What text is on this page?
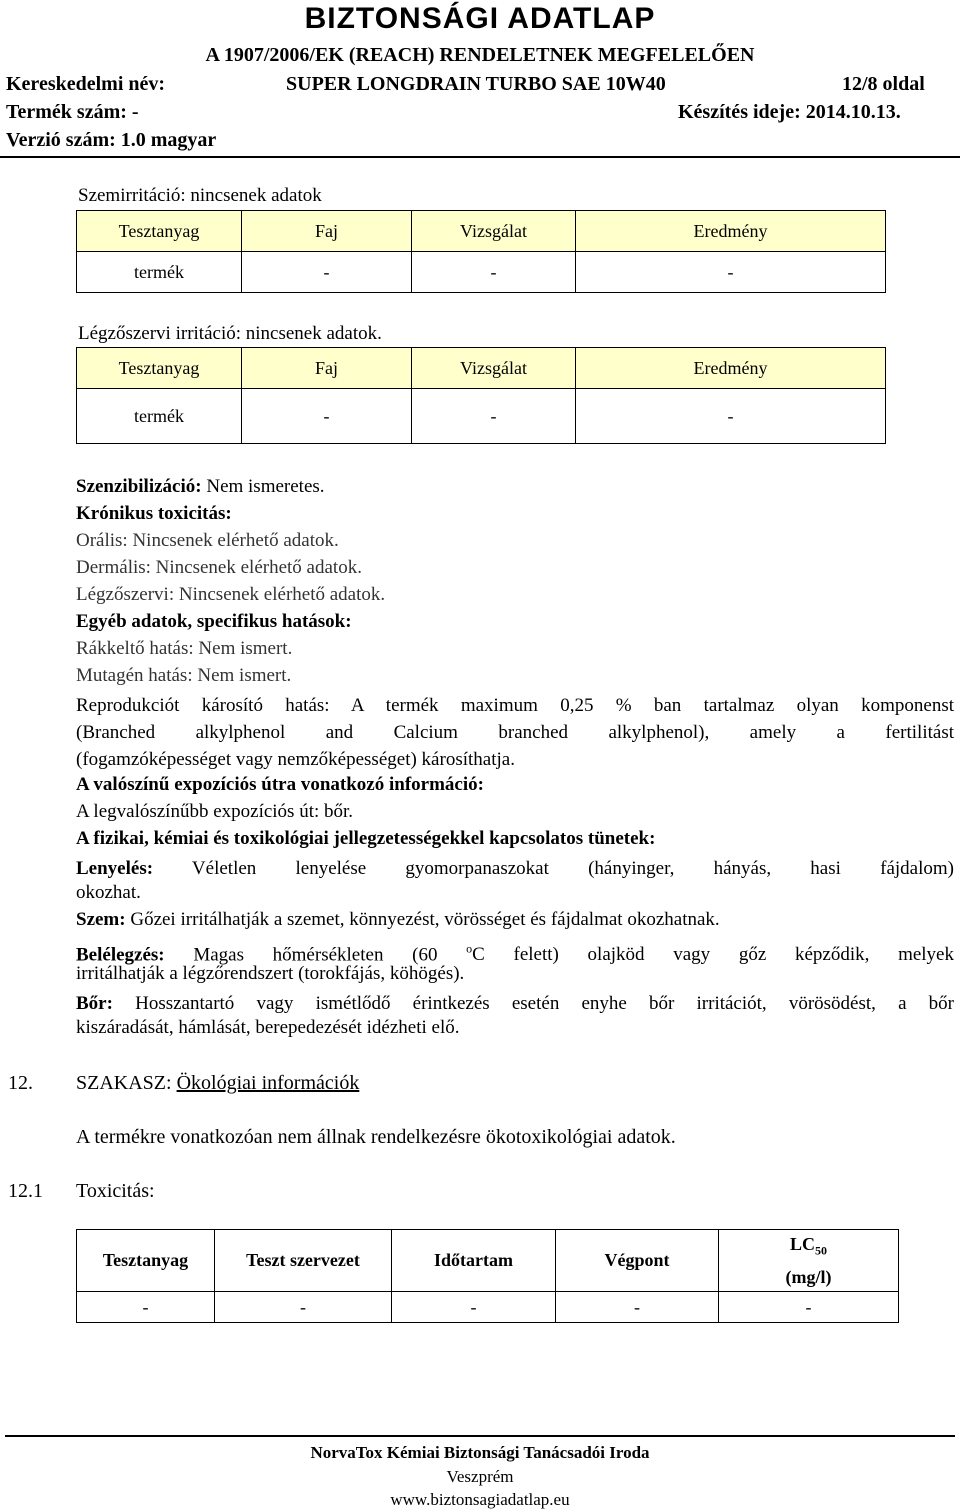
BIZTONSÁGI ADATLAP
A 1907/2006/EK (REACH) RENDELETNEK MEGFELELŐEN
Kereskedelmi név:	SUPER LONGDRAIN TURBO SAE 10W40	12/8 oldal
Termék szám: -	Készítés ideje: 2014.10.13.
Verzió szám: 1.0 magyar
Szemirritáció: nincsenek adatok
Tesztanyag	Faj	Vizsgálat	Eredmény
termék	-	-	-
Légzőszervi irritáció: nincsenek adatok.
Tesztanyag	Faj	Vizsgálat	Eredmény
termék	-	-	-
Szenzibilizáció: Nem ismeretes.
Krónikus toxicitás:
Orális: Nincsenek elérhető adatok.
Dermális: Nincsenek elérhető adatok.
Légzőszervi: Nincsenek elérhető adatok.
Egyéb adatok, specifikus hatások:
Rákkeltő hatás: Nem ismert.
Mutagén hatás: Nem ismert.
Reprodukciót károsító hatás: A termék maximum 0,25 % ban tartalmaz olyan komponenst
(Branched alkylphenol and Calcium branched alkylphenol), amely a fertilitást
(fogamzóképességet vagy nemzőképességet) károsíthatja.
A valószínű expozíciós útra vonatkozó információ:
A legvalószínűbb expozíciós út: bőr.
A fizikai, kémiai és toxikológiai jellegzetességekkel kapcsolatos tünetek:
Lenyelés: Véletlen lenyelése gyomorpanaszokat (hányinger, hányás, hasi fájdalom)
okozhat.
Szem: Gőzei irritálhatják a szemet, könnyezést, vörösséget és fájdalmat okozhatnak.
Belélegzés: Magas hőmérsékleten (60 $^o$C felett) olajköd vagy gőz képződik, melyek
irritálhatják a légzőrendszert (torokfájás, köhögés).
Bőr: Hosszantartó vagy ismétlődő érintkezés esetén enyhe bőr irritációt, vörösödést, a bőr
kiszáradását, hámlását, berepedezését idézheti elő.
12. SZAKASZ: Ökológiai információk
A termékre vonatkozóan nem állnak rendelkezésre ökotoxikológiai adatok.
12.1 Toxicitás:
Tesztanyag	Teszt szervezet	Időtartam	Végpont	$LC_{50}$
(mg/l)
-	-	-	-	-
NorvaTox Kémiai Biztonsági Tanácsadói Iroda
Veszprém
www.biztonsagiadatlap.eu
